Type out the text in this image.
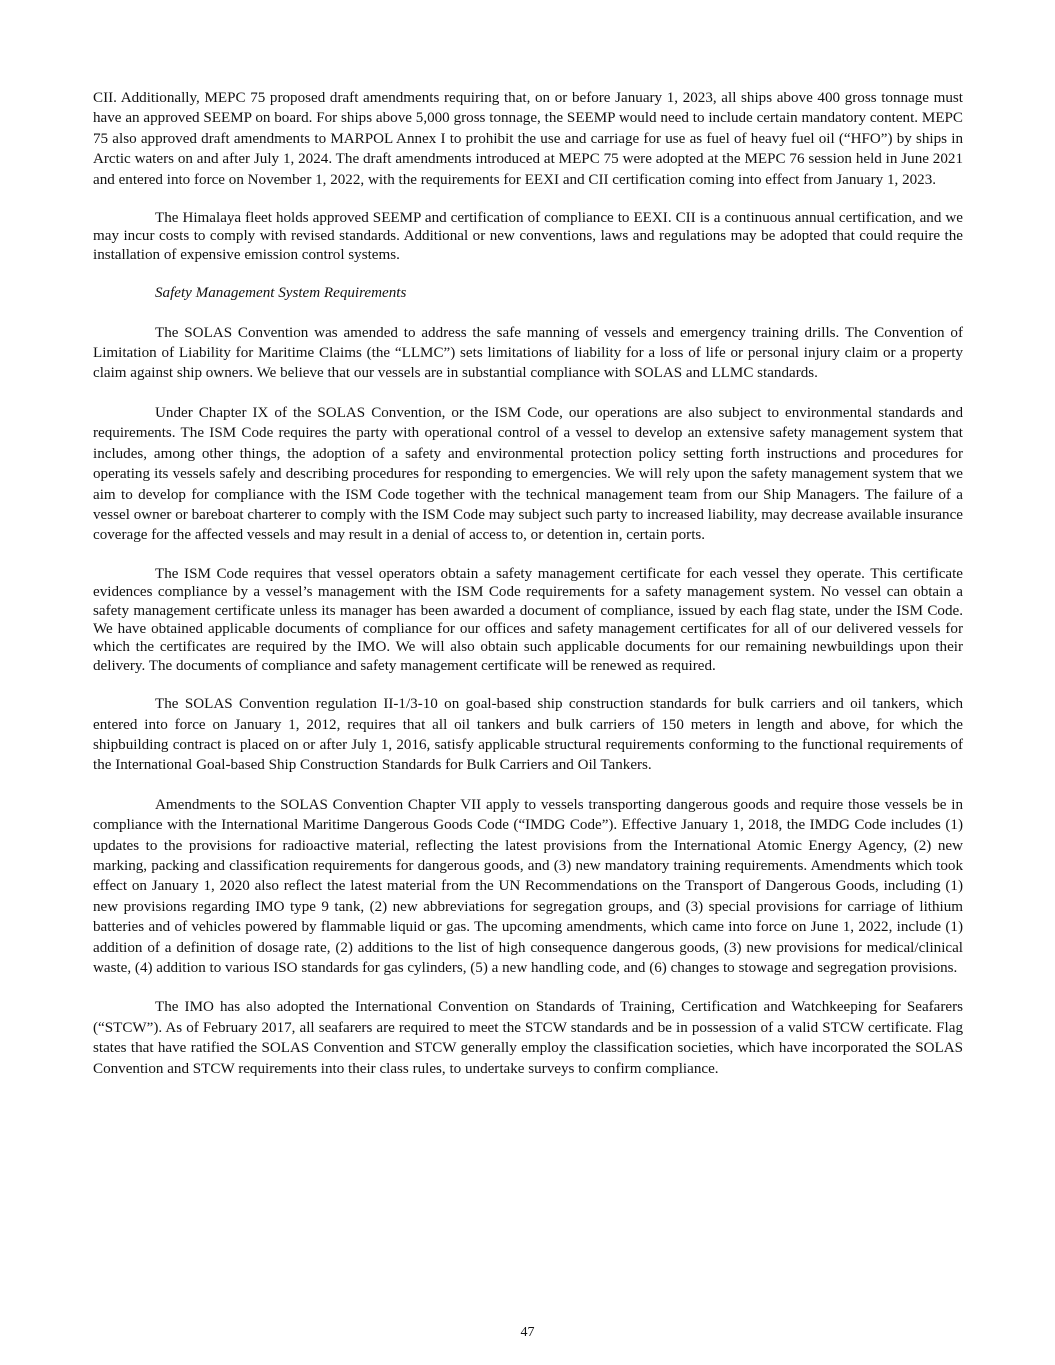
CII. Additionally, MEPC 75 proposed draft amendments requiring that, on or before January 1, 2023, all ships above 400 gross tonnage must have an approved SEEMP on board. For ships above 5,000 gross tonnage, the SEEMP would need to include certain mandatory content. MEPC 75 also approved draft amendments to MARPOL Annex I to prohibit the use and carriage for use as fuel of heavy fuel oil (“HFO”) by ships in Arctic waters on and after July 1, 2024. The draft amendments introduced at MEPC 75 were adopted at the MEPC 76 session held in June 2021 and entered into force on November 1, 2022, with the requirements for EEXI and CII certification coming into effect from January 1, 2023.

The Himalaya fleet holds approved SEEMP and certification of compliance to EEXI. CII is a continuous annual certification, and we may incur costs to comply with revised standards. Additional or new conventions, laws and regulations may be adopted that could require the installation of expensive emission control systems.

Safety Management System Requirements

The SOLAS Convention was amended to address the safe manning of vessels and emergency training drills. The Convention of Limitation of Liability for Maritime Claims (the “LLMC”) sets limitations of liability for a loss of life or personal injury claim or a property claim against ship owners. We believe that our vessels are in substantial compliance with SOLAS and LLMC standards.

Under Chapter IX of the SOLAS Convention, or the ISM Code, our operations are also subject to environmental standards and requirements. The ISM Code requires the party with operational control of a vessel to develop an extensive safety management system that includes, among other things, the adoption of a safety and environmental protection policy setting forth instructions and procedures for operating its vessels safely and describing procedures for responding to emergencies. We will rely upon the safety management system that we aim to develop for compliance with the ISM Code together with the technical management team from our Ship Managers. The failure of a vessel owner or bareboat charterer to comply with the ISM Code may subject such party to increased liability, may decrease available insurance coverage for the affected vessels and may result in a denial of access to, or detention in, certain ports.

The ISM Code requires that vessel operators obtain a safety management certificate for each vessel they operate. This certificate evidences compliance by a vessel’s management with the ISM Code requirements for a safety management system. No vessel can obtain a safety management certificate unless its manager has been awarded a document of compliance, issued by each flag state, under the ISM Code. We have obtained applicable documents of compliance for our offices and safety management certificates for all of our delivered vessels for which the certificates are required by the IMO. We will also obtain such applicable documents for our remaining newbuildings upon their delivery. The documents of compliance and safety management certificate will be renewed as required.

The SOLAS Convention regulation II-1/3-10 on goal-based ship construction standards for bulk carriers and oil tankers, which entered into force on January 1, 2012, requires that all oil tankers and bulk carriers of 150 meters in length and above, for which the shipbuilding contract is placed on or after July 1, 2016, satisfy applicable structural requirements conforming to the functional requirements of the International Goal-based Ship Construction Standards for Bulk Carriers and Oil Tankers.

Amendments to the SOLAS Convention Chapter VII apply to vessels transporting dangerous goods and require those vessels be in compliance with the International Maritime Dangerous Goods Code (“IMDG Code”). Effective January 1, 2018, the IMDG Code includes (1) updates to the provisions for radioactive material, reflecting the latest provisions from the International Atomic Energy Agency, (2) new marking, packing and classification requirements for dangerous goods, and (3) new mandatory training requirements. Amendments which took effect on January 1, 2020 also reflect the latest material from the UN Recommendations on the Transport of Dangerous Goods, including (1) new provisions regarding IMO type 9 tank, (2) new abbreviations for segregation groups, and (3) special provisions for carriage of lithium batteries and of vehicles powered by flammable liquid or gas. The upcoming amendments, which came into force on June 1, 2022, include (1) addition of a definition of dosage rate, (2) additions to the list of high consequence dangerous goods, (3) new provisions for medical/clinical waste, (4) addition to various ISO standards for gas cylinders, (5) a new handling code, and (6) changes to stowage and segregation provisions.

The IMO has also adopted the International Convention on Standards of Training, Certification and Watchkeeping for Seafarers (“STCW”). As of February 2017, all seafarers are required to meet the STCW standards and be in possession of a valid STCW certificate. Flag states that have ratified the SOLAS Convention and STCW generally employ the classification societies, which have incorporated the SOLAS Convention and STCW requirements into their class rules, to undertake surveys to confirm compliance.

47
